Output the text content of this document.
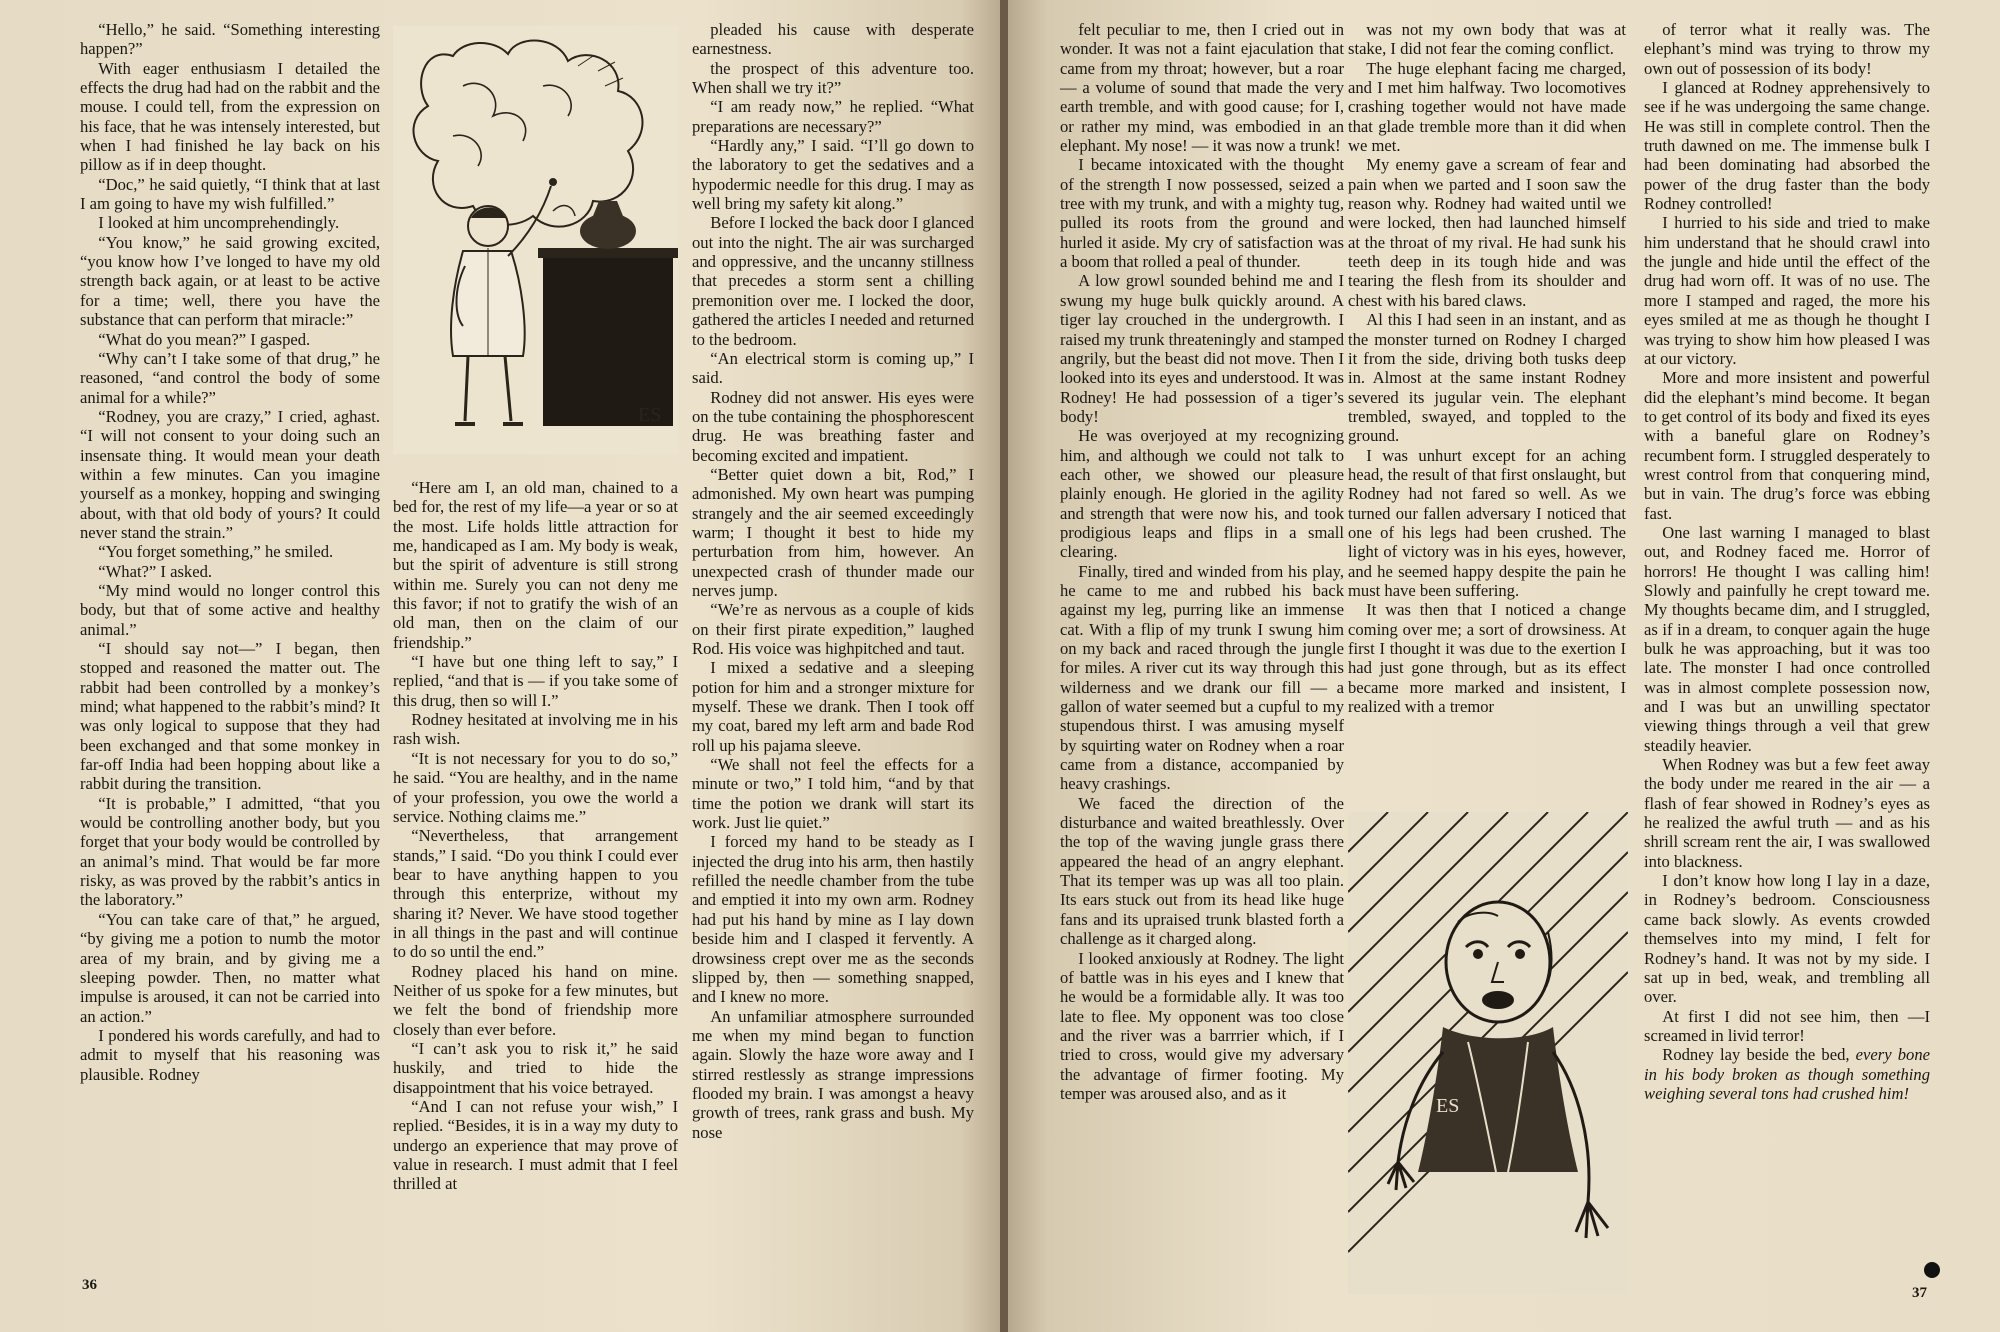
“Hello,” he said. “Something interesting happen?”

With eager enthusiasm I detailed the effects the drug had had on the rabbit and the mouse. I could tell, from the expression on his face, that he was intensely interested, but when I had finished he lay back on his pillow as if in deep thought.

“Doc,” he said quietly, “I think that at last I am going to have my wish fulfilled.”

I looked at him uncomprehendingly.

“You know,” he said growing excited, “you know how I’ve longed to have my old strength back again, or at least to be active for a time; well, there you have the substance that can perform that miracle:”

“What do you mean?” I gasped.

“Why can’t I take some of that drug,” he reasoned, “and control the body of some animal for a while?”

“Rodney, you are crazy,” I cried, aghast. “I will not consent to your doing such an insensate thing. It would mean your death within a few minutes. Can you imagine yourself as a monkey, hopping and swinging about, with that old body of yours? It could never stand the strain.”

“You forget something,” he smiled.

“What?” I asked.

“My mind would no longer control this body, but that of some active and healthy animal.”

“I should say not—” I began, then stopped and reasoned the matter out. The rabbit had been controlled by a monkey’s mind; what happened to the rabbit’s mind? It was only logical to suppose that they had been exchanged and that some monkey in far-off India had been hopping about like a rabbit during the transition.

“It is probable,” I admitted, “that you would be controlling another body, but you forget that your body would be controlled by an animal’s mind. That would be far more risky, as was proved by the rabbit’s antics in the laboratory.”

“You can take care of that,” he argued, “by giving me a potion to numb the motor area of my brain, and by giving me a sleeping powder. Then, no matter what impulse is aroused, it can not be carried into an action.”

I pondered his words carefully, and had to admit to myself that his reasoning was plausible. Rodney

ES

“Here am I, an old man, chained to a bed for, the rest of my life—a year or so at the most. Life holds little attraction for me, handicaped as I am. My body is weak, but the spirit of adventure is still strong within me. Surely you can not deny me this favor; if not to gratify the wish of an old man, then on the claim of our friendship.”

“I have but one thing left to say,” I replied, “and that is — if you take some of this drug, then so will I.”

Rodney hesitated at involving me in his rash wish.

“It is not necessary for you to do so,” he said. “You are healthy, and in the name of your profession, you owe the world a service. Nothing claims me.”

“Nevertheless, that arrangement stands,” I said. “Do you think I could ever bear to have anything happen to you through this enterprize, without my sharing it? Never. We have stood together in all things in the past and will continue to do so until the end.”

Rodney placed his hand on mine. Neither of us spoke for a few minutes, but we felt the bond of friendship more closely than ever before.

“I can’t ask you to risk it,” he said huskily, and tried to hide the disappointment that his voice betrayed.

“And I can not refuse your wish,” I replied. “Besides, it is in a way my duty to undergo an experience that may prove of value in research. I must admit that I feel thrilled at

pleaded his cause with desperate earnestness.

the prospect of this adventure too. When shall we try it?”

“I am ready now,” he replied. “What preparations are necessary?”

“Hardly any,” I said. “I’ll go down to the laboratory to get the sedatives and a hypodermic needle for this drug. I may as well bring my safety kit along.”

Before I locked the back door I glanced out into the night. The air was surcharged and oppressive, and the uncanny stillness that precedes a storm sent a chilling premonition over me. I locked the door, gathered the articles I needed and returned to the bedroom.

“An electrical storm is coming up,” I said.

Rodney did not answer. His eyes were on the tube containing the phosphorescent drug. He was breathing faster and becoming excited and impatient.

“Better quiet down a bit, Rod,” I admonished. My own heart was pumping strangely and the air seemed exceedingly warm; I thought it best to hide my perturbation from him, however. An unexpected crash of thunder made our nerves jump.

“We’re as nervous as a couple of kids on their first pirate expedition,” laughed Rod. His voice was highpitched and taut.

I mixed a sedative and a sleeping potion for him and a stronger mixture for myself. These we drank. Then I took off my coat, bared my left arm and bade Rod roll up his pajama sleeve.

“We shall not feel the effects for a minute or two,” I told him, “and by that time the potion we drank will start its work. Just lie quiet.”

I forced my hand to be steady as I injected the drug into his arm, then hastily refilled the needle chamber from the tube and emptied it into my own arm. Rodney had put his hand by mine as I lay down beside him and I clasped it fervently. A drowsiness crept over me as the seconds slipped by, then — something snapped, and I knew no more.

An unfamiliar atmosphere surrounded me when my mind began to function again. Slowly the haze wore away and I stirred restlessly as strange impressions flooded my brain. I was amongst a heavy growth of trees, rank grass and bush. My nose

36

felt peculiar to me, then I cried out in wonder. It was not a faint ejaculation that came from my throat; however, but a roar — a volume of sound that made the very earth tremble, and with good cause; for I, or rather my mind, was embodied in an elephant. My nose! — it was now a trunk!

I became intoxicated with the thought of the strength I now possessed, seized a tree with my trunk, and with a mighty tug, pulled its roots from the ground and hurled it aside. My cry of satisfaction was a boom that rolled a peal of thunder.

A low growl sounded behind me and I swung my huge bulk quickly around. A tiger lay crouched in the undergrowth. I raised my trunk threateningly and stamped angrily, but the beast did not move. Then I looked into its eyes and understood. It was Rodney! He had possession of a tiger’s body!

He was overjoyed at my recognizing him, and although we could not talk to each other, we showed our pleasure plainly enough. He gloried in the agility and strength that were now his, and took prodigious leaps and flips in a small clearing.

Finally, tired and winded from his play, he came to me and rubbed his back against my leg, purring like an immense cat. With a flip of my trunk I swung him on my back and raced through the jungle for miles. A river cut its way through this wilderness and we drank our fill — a gallon of water seemed but a cupful to my stupendous thirst. I was amusing myself by squirting water on Rodney when a roar came from a distance, accompanied by heavy crashings.

We faced the direction of the disturbance and waited breathlessly. Over the top of the waving jungle grass there appeared the head of an angry elephant. That its temper was up was all too plain. Its ears stuck out from its head like huge fans and its upraised trunk blasted forth a challenge as it charged along.

I looked anxiously at Rodney. The light of battle was in his eyes and I knew that he would be a formidable ally. It was too late to flee. My opponent was too close and the river was a barrrier which, if I tried to cross, would give my adversary the advantage of firmer footing. My temper was aroused also, and as it

was not my own body that was at stake, I did not fear the coming conflict.

The huge elephant facing me charged, and I met him halfway. Two locomotives crashing together would not have made that glade tremble more than it did when we met.

My enemy gave a scream of fear and pain when we parted and I soon saw the reason why. Rodney had waited until we were locked, then had launched himself at the throat of my rival. He had sunk his teeth deep in its tough hide and was tearing the flesh from its shoulder and chest with his bared claws.

Al this I had seen in an instant, and as the monster turned on Rodney I charged it from the side, driving both tusks deep in. Almost at the same instant Rodney severed its jugular vein. The elephant trembled, swayed, and toppled to the ground.

I was unhurt except for an aching head, the result of that first onslaught, but Rodney had not fared so well. As we turned our fallen adversary I noticed that one of his legs had been crushed. The light of victory was in his eyes, however, and he seemed happy despite the pain he must have been suffering.

It was then that I noticed a change coming over me; a sort of drowsiness. At first I thought it was due to the exertion I had just gone through, but as its effect became more marked and insistent, I realized with a tremor

ES

of terror what it really was. The elephant’s mind was trying to throw my own out of possession of its body!

I glanced at Rodney apprehensively to see if he was undergoing the same change. He was still in complete control. Then the truth dawned on me. The immense bulk I had been dominating had absorbed the power of the drug faster than the body Rodney controlled!

I hurried to his side and tried to make him understand that he should crawl into the jungle and hide until the effect of the drug had worn off. It was of no use. The more I stamped and raged, the more his eyes smiled at me as though he thought I was trying to show him how pleased I was at our victory.

More and more insistent and powerful did the elephant’s mind become. It began to get control of its body and fixed its eyes with a baneful glare on Rodney’s recumbent form. I struggled desperately to wrest control from that conquering mind, but in vain. The drug’s force was ebbing fast.

One last warning I managed to blast out, and Rodney faced me. Horror of horrors! He thought I was calling him! Slowly and painfully he crept toward me. My thoughts became dim, and I struggled, as if in a dream, to conquer again the huge bulk he was approaching, but it was too late. The monster I had once controlled was in almost complete possession now, and I was but an unwilling spectator viewing things through a veil that grew steadily heavier.

When Rodney was but a few feet away the body under me reared in the air — a flash of fear showed in Rodney’s eyes as he realized the awful truth — and as his shrill scream rent the air, I was swallowed into blackness.

I don’t know how long I lay in a daze, in Rodney’s bedroom. Consciousness came back slowly. As events crowded themselves into my mind, I felt for Rodney’s hand. It was not by my side. I sat up in bed, weak, and trembling all over.

At first I did not see him, then —I screamed in livid terror!

Rodney lay beside the bed, every bone in his body broken as though something weighing several tons had crushed him!

37
